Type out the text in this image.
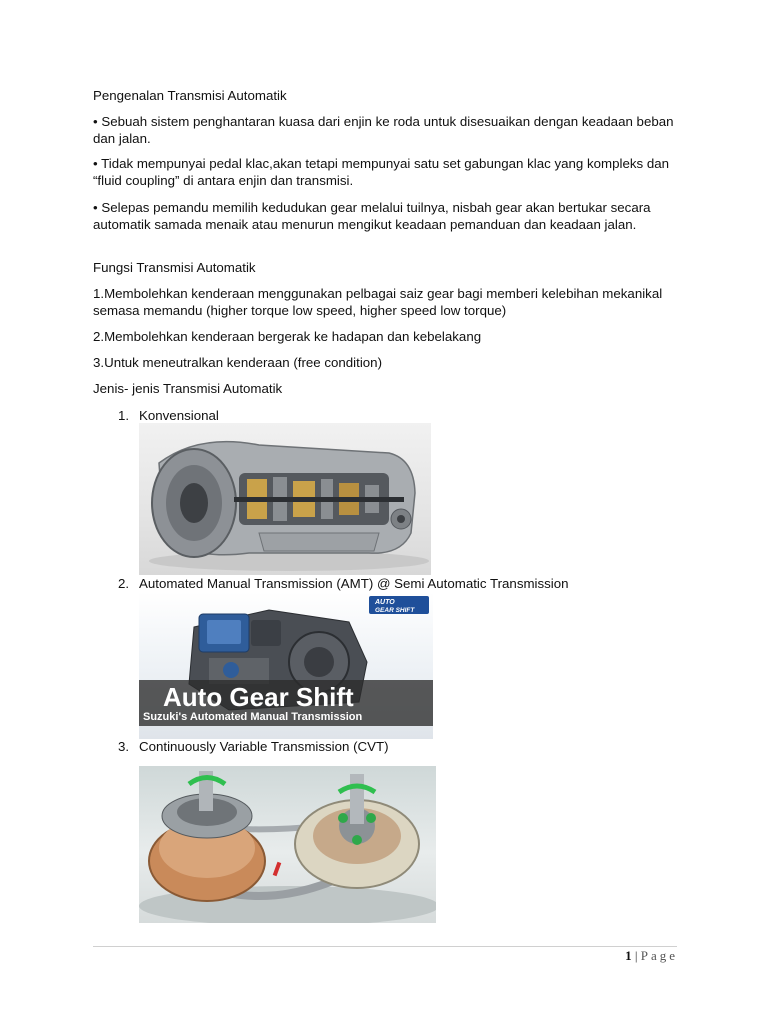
Pengenalan Transmisi Automatik

• Sebuah sistem penghantaran kuasa dari enjin ke roda untuk disesuaikan dengan keadaan beban dan jalan.

• Tidak mempunyai pedal klac,akan tetapi mempunyai satu set gabungan klac yang kompleks dan “fluid coupling” di antara enjin dan transmisi.

• Selepas pemandu memilih kedudukan gear melalui tuilnya, nisbah gear akan bertukar secara automatik samada menaik atau menurun mengikut keadaan pemanduan dan keadaan jalan.

Fungsi Transmisi Automatik

1.Membolehkan kenderaan menggunakan pelbagai saiz gear bagi memberi kelebihan mekanikal semasa memandu (higher torque low speed, higher speed low torque)

2.Membolehkan kenderaan bergerak ke hadapan dan kebelakang

3.Untuk meneutralkan kenderaan (free condition)

Jenis- jenis Transmisi Automatik

1. Konvensional
2. Automated Manual Transmission (AMT) @ Semi Automatic Transmission
AUTO
GEAR SHIFT
Auto Gear Shift
Suzuki's Automated Manual Transmission
3. Continuously Variable Transmission (CVT)
1 | Page
